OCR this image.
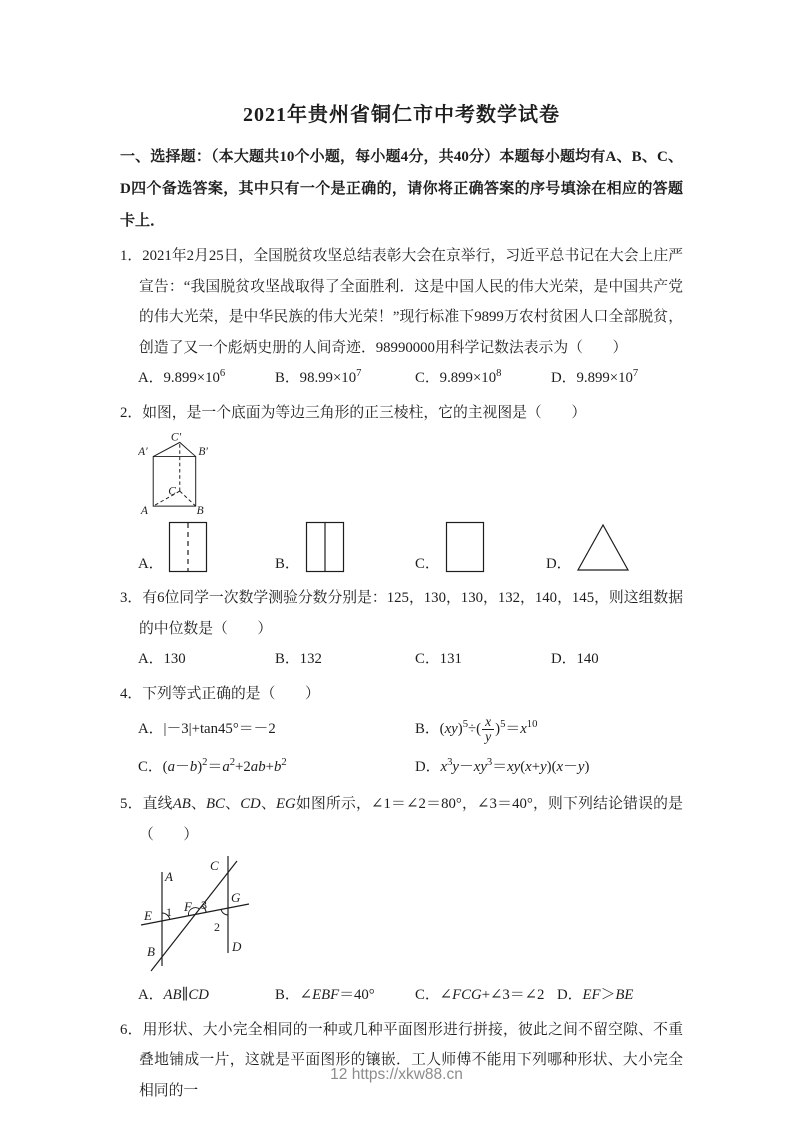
2021年贵州省铜仁市中考数学试卷

一、选择题：（本大题共10个小题，每小题4分，共40分）本题每小题均有A、B、C、D四个备选答案，其中只有一个是正确的，请你将正确答案的序号填涂在相应的答题卡上．

1．2021年2月25日，全国脱贫攻坚总结表彰大会在京举行，习近平总书记在大会上庄严宣告：“我国脱贫攻坚战取得了全面胜利．这是中国人民的伟大光荣，是中国共产党的伟大光荣，是中华民族的伟大光荣！”现行标准下9899万农村贫困人口全部脱贫，创造了又一个彪炳史册的人间奇迹．98990000用科学记数法表示为（　　）

A．$9.899\times 10^6$	B．$98.99\times 10^7$	C．$9.899\times 10^8$	D．$9.899\times 10^7$

2．如图，是一个底面为等边三角形的正三棱柱，它的主视图是（　　）

C′
A′	B′
C
A	B
A．	B．	C．	D．

3．有6位同学一次数学测验分数分别是：125，130，130，132，140，145，则这组数据的中位数是（　　）

A．130	B．132	C．131	D．140

4．下列等式正确的是（　　）

A．|－3|+tan45°＝－2	B．$(xy)^5\div( \frac{x}{y} )^5=x^{10}$
C．$(a-b)^2=a^2+2ab+b^2$	D．$x^3y-xy^3=xy(x+y)(x-y)$

5．直线AB、BC、CD、EG如图所示，∠1＝∠2＝80°，∠3＝40°，则下列结论错误的是（　　）

A
C
E 1 F 3 G
2
B	D
A．AB∥CD	B．∠EBF＝40°	C．∠FCG+∠3＝∠2 D．EF＞BE

6．用形状、大小完全相同的一种或几种平面图形进行拼接，彼此之间不留空隙、不重叠地铺成一片，这就是平面图形的镶嵌．工人师傅不能用下列哪种形状、大小完全相同的一

12 https://xkw88.cn
